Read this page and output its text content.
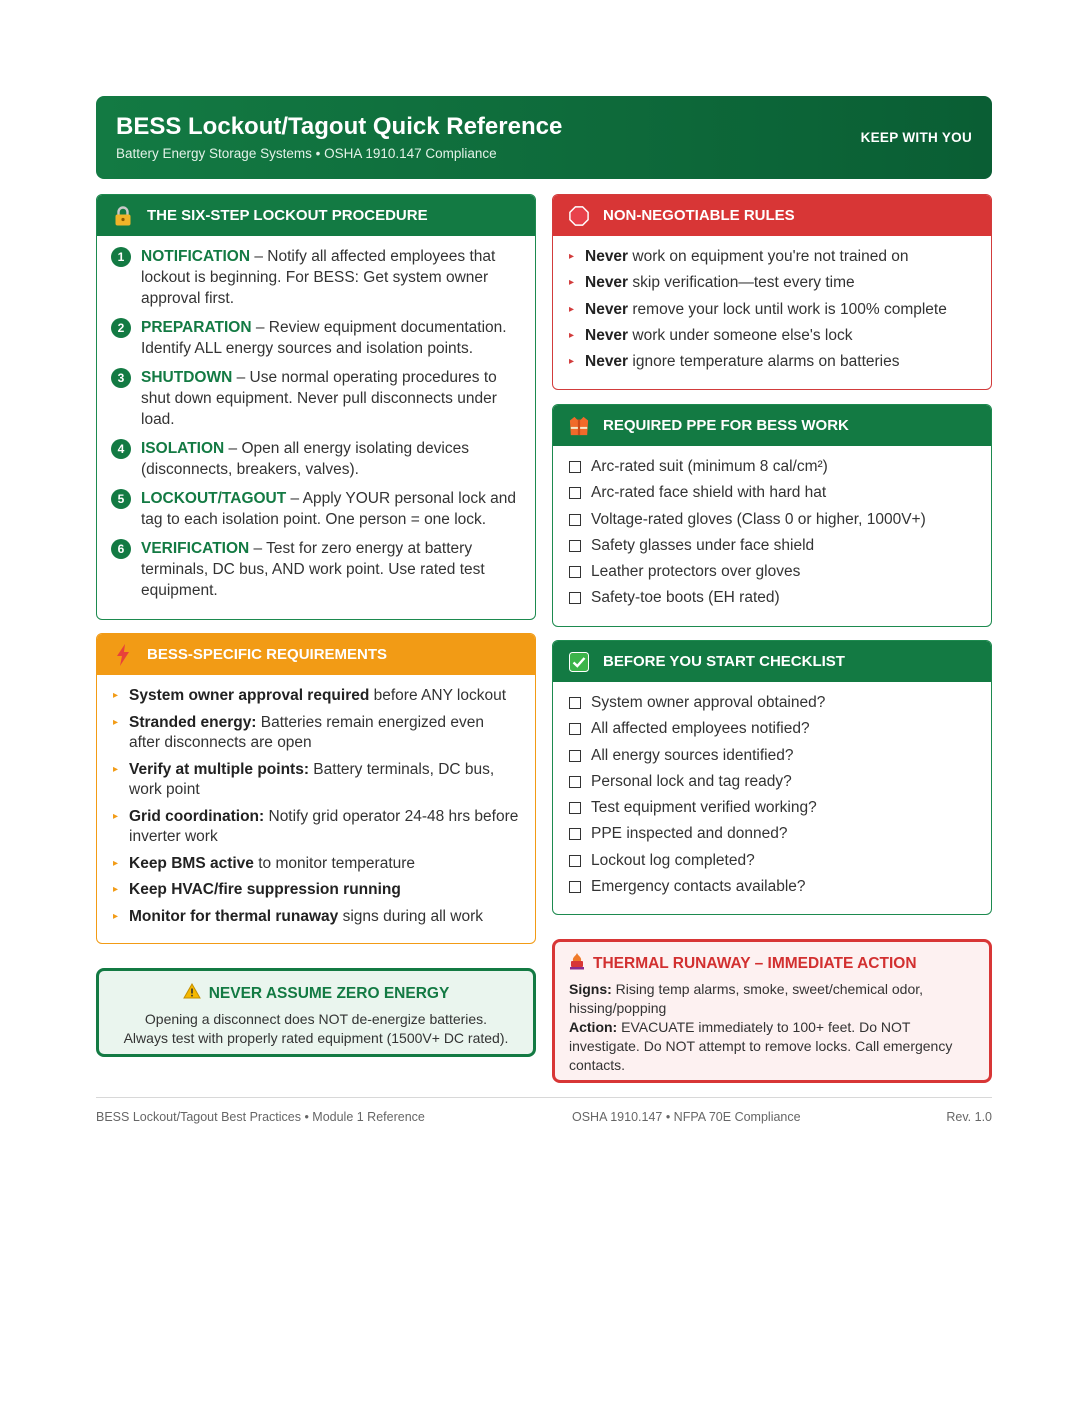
BESS Lockout/Tagout Quick Reference
Battery Energy Storage Systems • OSHA 1910.147 Compliance
KEEP WITH YOU
THE SIX-STEP LOCKOUT PROCEDURE
1	NOTIFICATION – Notify all affected employees that lockout is beginning. For BESS: Get system owner approval first.
2	PREPARATION – Review equipment documentation. Identify ALL energy sources and isolation points.
3	SHUTDOWN – Use normal operating procedures to shut down equipment. Never pull disconnects under load.
4	ISOLATION – Open all energy isolating devices (disconnects, breakers, valves).
5	LOCKOUT/TAGOUT – Apply YOUR personal lock and tag to each isolation point. One person = one lock.
6	VERIFICATION – Test for zero energy at battery terminals, DC bus, AND work point. Use rated test equipment.
BESS-SPECIFIC REQUIREMENTS
▸ System owner approval required before ANY lockout
▸ Stranded energy: Batteries remain energized even after disconnects are open
▸ Verify at multiple points: Battery terminals, DC bus, work point
▸ Grid coordination: Notify grid operator 24-48 hrs before inverter work
▸ Keep BMS active to monitor temperature
▸ Keep HVAC/fire suppression running
▸ Monitor for thermal runaway signs during all work
NEVER ASSUME ZERO ENERGY
Opening a disconnect does NOT de-energize batteries.
Always test with properly rated equipment (1500V+ DC rated).
NON-NEGOTIABLE RULES
▸ Never work on equipment you're not trained on
▸ Never skip verification—test every time
▸ Never remove your lock until work is 100% complete
▸ Never work under someone else's lock
▸ Never ignore temperature alarms on batteries
REQUIRED PPE FOR BESS WORK
Arc-rated suit (minimum 8 cal/cm²)
Arc-rated face shield with hard hat
Voltage-rated gloves (Class 0 or higher, 1000V+)
Safety glasses under face shield
Leather protectors over gloves
Safety-toe boots (EH rated)
BEFORE YOU START CHECKLIST
System owner approval obtained?
All affected employees notified?
All energy sources identified?
Personal lock and tag ready?
Test equipment verified working?
PPE inspected and donned?
Lockout log completed?
Emergency contacts available?
THERMAL RUNAWAY – IMMEDIATE ACTION
Signs: Rising temp alarms, smoke, sweet/chemical odor, hissing/popping
Action: EVACUATE immediately to 100+ feet. Do NOT investigate. Do NOT attempt to remove locks. Call emergency contacts.
BESS Lockout/Tagout Best Practices • Module 1 Reference	OSHA 1910.147 • NFPA 70E Compliance	Rev. 1.0
